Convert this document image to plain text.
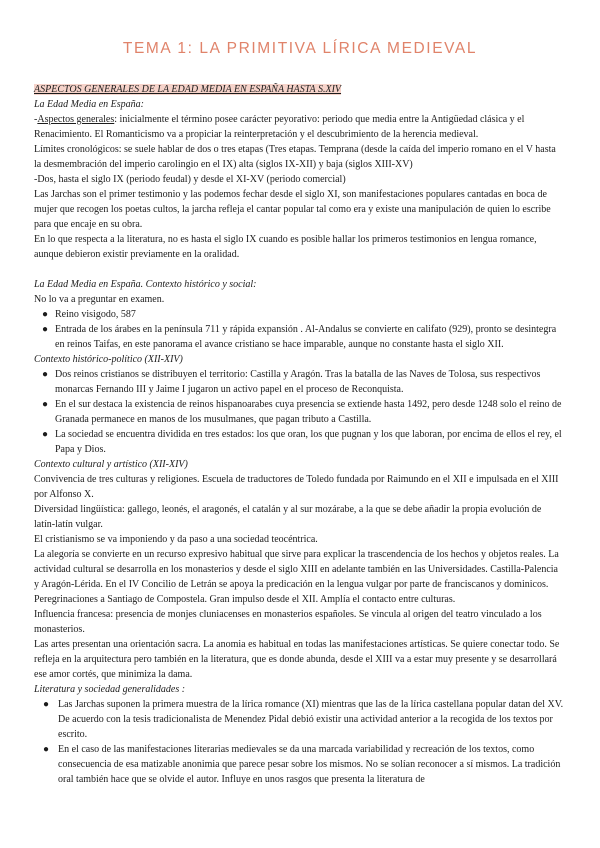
TEMA 1: LA PRIMITIVA LÍRICA MEDIEVAL

ASPECTOS GENERALES DE LA EDAD MEDIA EN ESPAÑA HASTA S.XIV

La Edad Media en España:

-Aspectos generales: inicialmente el término posee carácter peyorativo: periodo que media entre la Antigüedad clásica y el Renacimiento. El Romanticismo va a propiciar la reinterpretación y el descubrimiento de la herencia medieval.

Límites cronológicos: se suele hablar de dos o tres etapas (Tres etapas. Temprana (desde la caída del imperio romano en el V hasta la desmembración del imperio carolingio en el IX) alta (siglos IX-XII) y baja (siglos XIII-XV)

-Dos, hasta el siglo IX (periodo feudal) y desde el XI-XV (periodo comercial)

Las Jarchas son el primer testimonio y las podemos fechar desde el siglo XI, son manifestaciones populares cantadas en boca de mujer que recogen los poetas cultos, la jarcha refleja el cantar popular tal como era y existe una manipulación de quien lo escribe para que encaje en su obra.

En lo que respecta a la literatura, no es hasta el siglo IX cuando es posible hallar los primeros testimonios en lengua romance, aunque debieron existir previamente en la oralidad.

La Edad Media en España. Contexto histórico y social:

No lo va a preguntar en examen.

● Reino visigodo, 587
● Entrada de los árabes en la península 711 y rápida expansión . Al-Andalus se convierte en califato (929), pronto se desintegra en reinos Taifas, en este panorama el avance cristiano se hace imparable, aunque no constante hasta el siglo XII.

Contexto histórico-político (XII-XIV)

● Dos reinos cristianos se distribuyen el territorio: Castilla y Aragón. Tras la batalla de las Naves de Tolosa, sus respectivos monarcas Fernando III y Jaime I jugaron un activo papel en el proceso de Reconquista.
● En el sur destaca la existencia de reinos hispanoarabes cuya presencia se extiende hasta 1492, pero desde 1248 solo el reino de Granada permanece en manos de los musulmanes, que pagan tributo a Castilla.
● La sociedad se encuentra dividida en tres estados: los que oran, los que pugnan y los que laboran, por encima de ellos el rey, el Papa y Dios.

Contexto cultural y artístico (XII-XIV)

Convivencia de tres culturas y religiones. Escuela de traductores de Toledo fundada por Raimundo en el XII e impulsada en el XIII por Alfonso X.

Diversidad lingüística: gallego, leonés, el aragonés, el catalán y al sur mozárabe, a la que se debe añadir la propia evolución de latín-latín vulgar.

El cristianismo se va imponiendo y da paso a una sociedad teocéntrica.

La alegoría se convierte en un recurso expresivo habitual que sirve para explicar la trascendencia de los hechos y objetos reales. La actividad cultural se desarrolla en los monasterios y desde el siglo XIII en adelante también en las Universidades. Castilla-Palencia y Aragón-Lérida. En el IV Concilio de Letrán se apoya la predicación en la lengua vulgar por parte de franciscanos y dominicos.

Peregrinaciones a Santiago de Compostela. Gran impulso desde el XII. Amplía el contacto entre culturas.

Influencia francesa: presencia de monjes cluniacenses en monasterios españoles. Se vincula al origen del teatro vinculado a los monasterios.

Las artes presentan una orientación sacra. La anomia es habitual en todas las manifestaciones artísticas. Se quiere conectar todo. Se refleja en la arquitectura pero también en la literatura, que es donde abunda, desde el XIII va a estar muy presente y se desarrollará ese amor cortés, que minimiza la dama.

Literatura y sociedad generalidades :

● Las Jarchas suponen la primera muestra de la lírica romance (XI) mientras que las de la lírica castellana popular datan del XV. De acuerdo con la tesis tradicionalista de Menendez Pidal debió existir una actividad anterior a la recogida de los textos por escrito.
● En el caso de las manifestaciones literarias medievales se da una marcada variabilidad y recreación de los textos, como consecuencia de esa matizable anonimia que parece pesar sobre los mismos. No se solían reconocer a sí mismos. La tradición oral también hace que se olvide el autor. Influye en unos rasgos que presenta la literatura de
